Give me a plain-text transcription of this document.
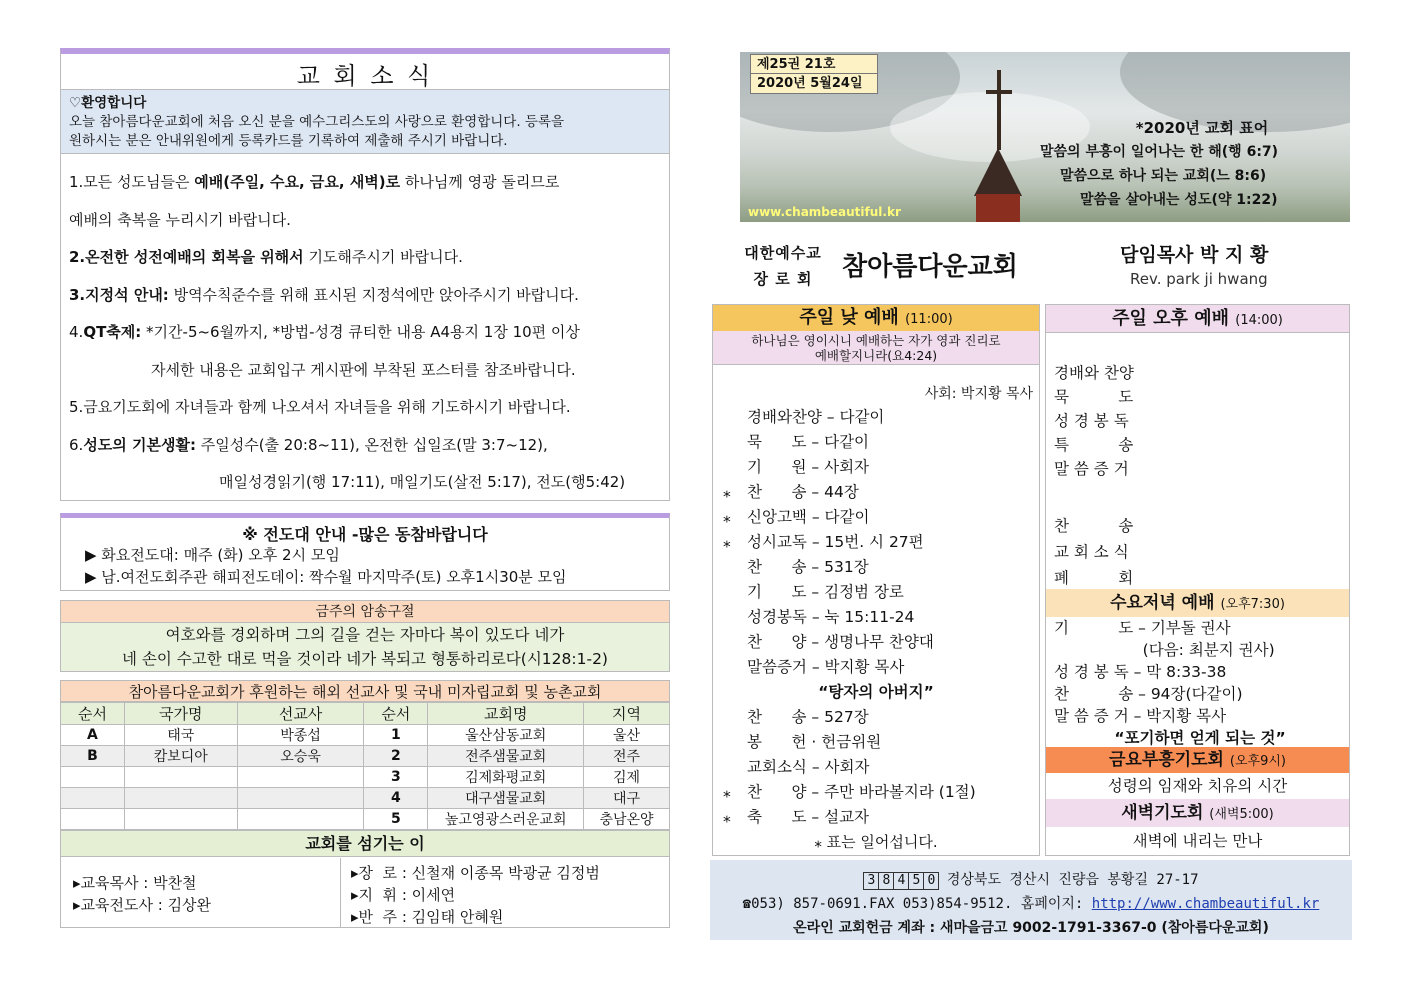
교 회 소 식
♡환영합니다
오늘 참아름다운교회에 처음 오신 분을 예수그리스도의 사랑으로 환영합니다. 등록을
원하시는 분은 안내위원에게 등록카드를 기록하여 제출해 주시기 바랍니다.
1.모든 성도님들은 예배(주일, 수요, 금요, 새벽)로 하나님께 영광 돌리므로
예배의 축복을 누리시기 바랍니다.
2.온전한 성전예배의 회복을 위해서 기도해주시기 바랍니다.
3.지정석 안내: 방역수칙준수를 위해 표시된 지정석에만 앉아주시기 바랍니다.
4.QT축제: *기간-5~6월까지, *방법-성경 큐티한 내용 A4용지 1장 10편 이상
자세한 내용은 교회입구 게시판에 부착된 포스터를 참조바랍니다.
5.금요기도회에 자녀들과 함께 나오셔서 자녀들을 위해 기도하시기 바랍니다.
6.성도의 기본생활: 주일성수(출 20:8~11), 온전한 십일조(말 3:7~12),
매일성경읽기(행 17:11), 매일기도(살전 5:17), 전도(행5:42)
※ 전도대 안내 -많은 동참바랍니다
▶ 화요전도대: 매주 (화) 오후 2시 모임
▶ 남.여전도회주관 해피전도데이: 짝수월 마지막주(토) 오후1시30분 모임
금주의 암송구절
여호와를 경외하며 그의 길을 걷는 자마다 복이 있도다 네가
네 손이 수고한 대로 먹을 것이라 네가 복되고 형통하리로다(시128:1-2)
참아름다운교회가 후원하는 해외 선교사 및 국내 미자립교회 및 농촌교회
순서	국가명	선교사	순서	교회명	지역
A	태국	박종섭	1	울산삼동교회	울산
B	캄보디아	오승욱	2	전주샘물교회	전주
			3	김제화평교회	김제
			4	대구샘물교회	대구
			5	높고영광스러운교회	충남온양
교회를 섬기는 이
▸교육목사 : 박찬철
▸교육전도사 : 김상완
▸장  로 : 신철재 이종목 박광균 김정범
▸지  휘 : 이세연
▸반  주 : 김임태 안혜원
제25권 21호
2020년 5월24일
*2020년 교회 표어
말씀의 부흥이 일어나는 한 해(행 6:7)
말씀으로 하나 되는 교회(느 8:6)
말씀을 살아내는 성도(약 1:22)
www.chambeautiful.kr
대한예수교
장 로 회	참아름다운교회	담임목사 박 지 황
Rev. park ji hwang
주일 낮 예배 (11:00)
하나님은 영이시니 예배하는 자가 영과 진리로
예배할지니라(요4:24)
사회: 박지황 목사
경배와찬양 – 다같이
묵      도 – 다같이
기      원 – 사회자
⁎ 찬      송 – 44장
⁎ 신앙고백 – 다같이
⁎ 성시교독 – 15번. 시 27편
찬      송 – 531장
기      도 – 김정범 장로
성경봉독 – 눅 15:11-24
찬      양 – 생명나무 찬양대
말씀증거 – 박지황 목사
“탕자의 아버지”
찬      송 – 527장
봉      헌 · 헌금위원
교회소식 – 사회자
⁎ 찬      양 – 주만 바라볼지라 (1절)
⁎ 축      도 – 설교자
⁎ 표는 일어섭니다.
주일 오후 예배 (14:00)
경배와 찬양
묵          도
성 경 봉 독
특          송
말 씀 증 거
찬          송
교 회 소 식
폐          회
수요저녁 예배 (오후7:30)
기          도 – 기부돌 권사
(다음: 최분지 권사)
성 경 봉 독 – 막 8:33-38
찬          송 – 94장(다같이)
말 씀 증 거 – 박지황 목사
“포기하면 얻게 되는 것”
금요부흥기도회 (오후9시)
성령의 임재와 치유의 시간
새벽기도회 (새벽5:00)
새벽에 내리는 만나
3 8 4 5 0 경상북도 경산시 진량읍 봉황길 27-17
☎053) 857-0691.FAX 053)854-9512. 홈페이지: http://www.chambeautiful.kr
온라인 교회헌금 계좌 : 새마을금고 9002-1791-3367-0 (참아름다운교회)
